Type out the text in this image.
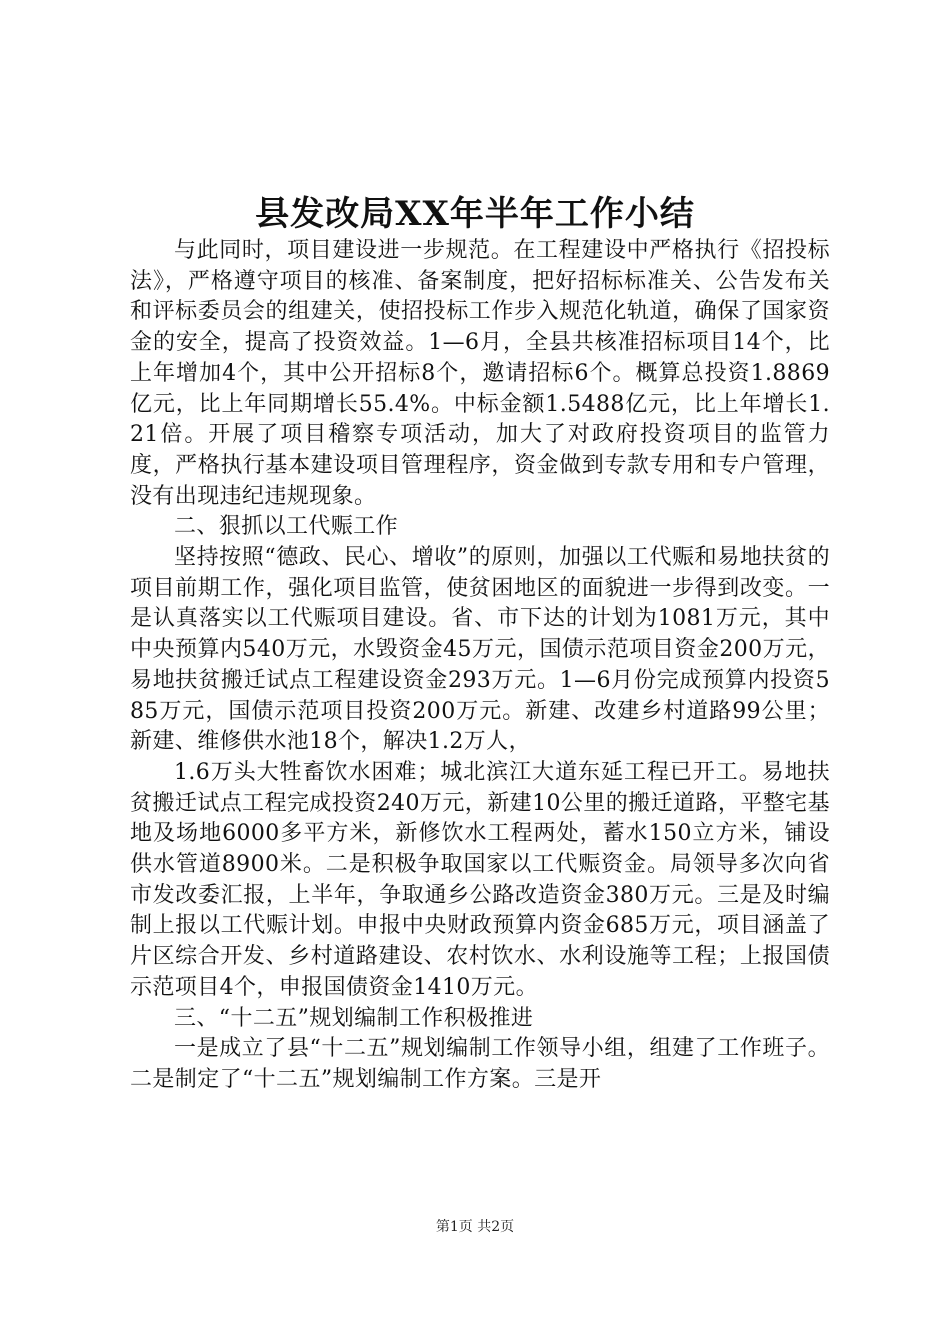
县发改局XX年半年工作小结

与此同时，项目建设进一步规范。在工程建设中严格执行《招投标法》，严格遵守项目的核准、备案制度，把好招标标准关、公告发布关和评标委员会的组建关，使招投标工作步入规范化轨道，确保了国家资金的安全，提高了投资效益。1—6月，全县共核准招标项目14个，比上年增加4个，其中公开招标8个，邀请招标6个。概算总投资1.8869亿元，比上年同期增长55.4%。中标金额1.5488亿元，比上年增长1.21倍。开展了项目稽察专项活动，加大了对政府投资项目的监管力度，严格执行基本建设项目管理程序，资金做到专款专用和专户管理，没有出现违纪违规现象。

二、狠抓以工代赈工作

坚持按照“德政、民心、增收”的原则，加强以工代赈和易地扶贫的项目前期工作，强化项目监管，使贫困地区的面貌进一步得到改变。一是认真落实以工代赈项目建设。省、市下达的计划为1081万元，其中中央预算内540万元，水毁资金45万元，国债示范项目资金200万元，易地扶贫搬迁试点工程建设资金293万元。1—6月份完成预算内投资585万元，国债示范项目投资200万元。新建、改建乡村道路99公里；新建、维修供水池18个，解决1.2万人，

1.6万头大牲畜饮水困难；城北滨江大道东延工程已开工。易地扶贫搬迁试点工程完成投资240万元，新建10公里的搬迁道路，平整宅基地及场地6000多平方米，新修饮水工程两处，蓄水150立方米，铺设供水管道8900米。二是积极争取国家以工代赈资金。局领导多次向省市发改委汇报，上半年，争取通乡公路改造资金380万元。三是及时编制上报以工代赈计划。申报中央财政预算内资金685万元，项目涵盖了片区综合开发、乡村道路建设、农村饮水、水利设施等工程；上报国债示范项目4个，申报国债资金1410万元。

三、“十二五”规划编制工作积极推进

一是成立了县“十二五”规划编制工作领导小组，组建了工作班子。二是制定了“十二五”规划编制工作方案。三是开

第1页 共2页
